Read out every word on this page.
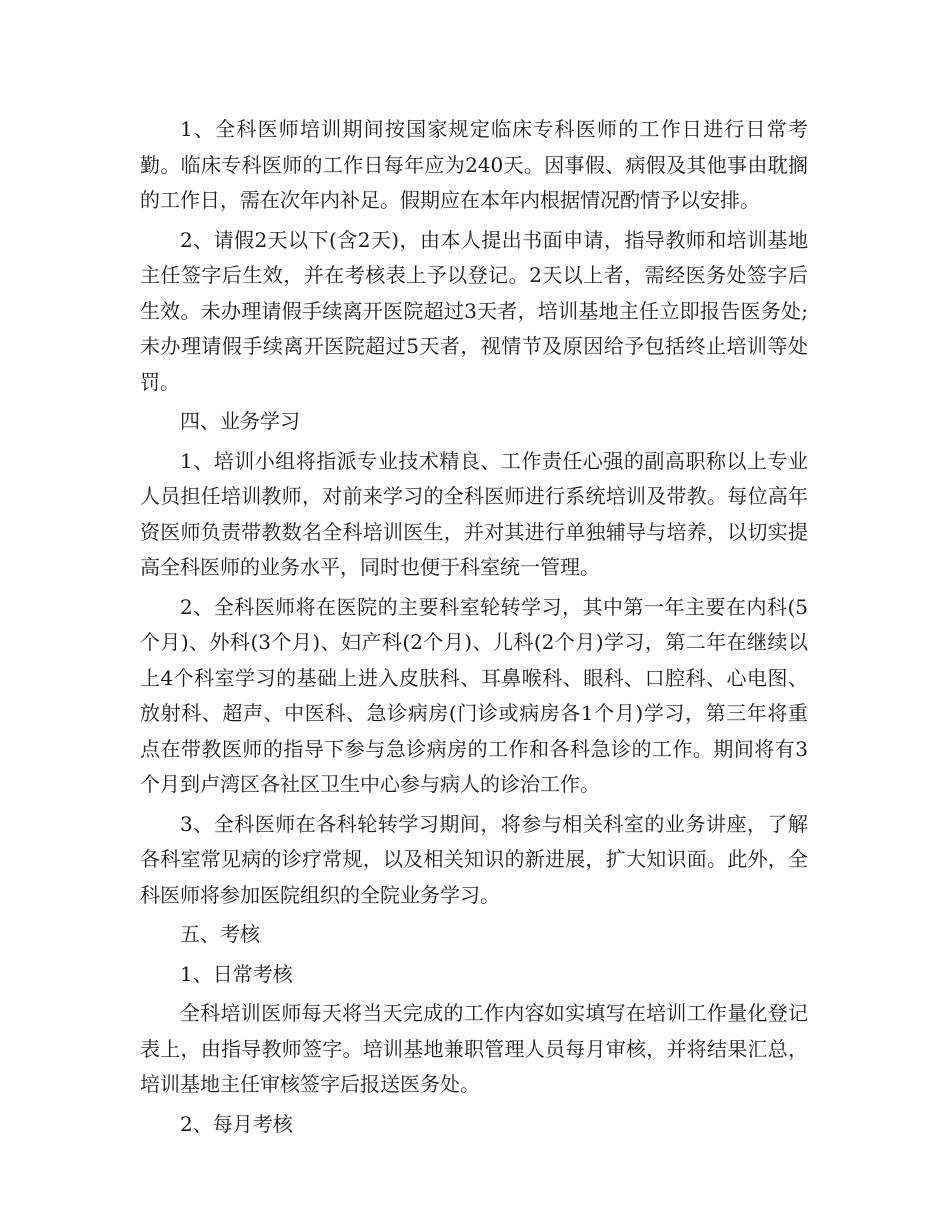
1、全科医师培训期间按国家规定临床专科医师的工作日进行日常考勤。临床专科医师的工作日每年应为240天。因事假、病假及其他事由耽搁的工作日，需在次年内补足。假期应在本年内根据情况酌情予以安排。

2、请假2天以下(含2天)，由本人提出书面申请，指导教师和培训基地主任签字后生效，并在考核表上予以登记。2天以上者，需经医务处签字后生效。未办理请假手续离开医院超过3天者，培训基地主任立即报告医务处;未办理请假手续离开医院超过5天者，视情节及原因给予包括终止培训等处罚。

四、业务学习

1、培训小组将指派专业技术精良、工作责任心强的副高职称以上专业人员担任培训教师，对前来学习的全科医师进行系统培训及带教。每位高年资医师负责带教数名全科培训医生，并对其进行单独辅导与培养，以切实提高全科医师的业务水平，同时也便于科室统一管理。

2、全科医师将在医院的主要科室轮转学习，其中第一年主要在内科(5个月)、外科(3个月)、妇产科(2个月)、儿科(2个月)学习，第二年在继续以上4个科室学习的基础上进入皮肤科、耳鼻喉科、眼科、口腔科、心电图、放射科、超声、中医科、急诊病房(门诊或病房各1个月)学习，第三年将重点在带教医师的指导下参与急诊病房的工作和各科急诊的工作。期间将有3个月到卢湾区各社区卫生中心参与病人的诊治工作。

3、全科医师在各科轮转学习期间，将参与相关科室的业务讲座，了解各科室常见病的诊疗常规，以及相关知识的新进展，扩大知识面。此外，全科医师将参加医院组织的全院业务学习。

五、考核

1、日常考核

全科培训医师每天将当天完成的工作内容如实填写在培训工作量化登记表上，由指导教师签字。培训基地兼职管理人员每月审核，并将结果汇总，培训基地主任审核签字后报送医务处。

2、每月考核
